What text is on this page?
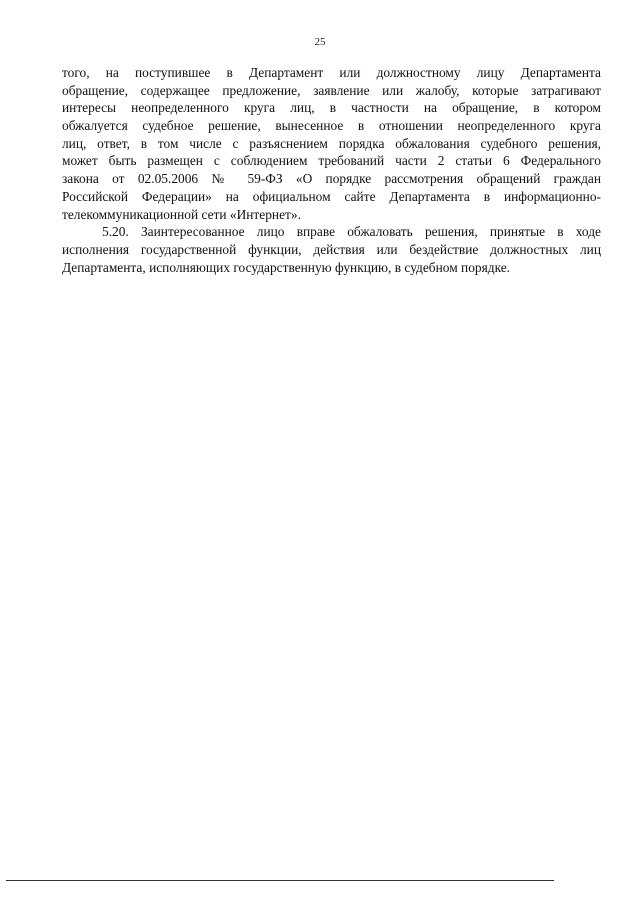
25
того, на поступившее в Департамент или должностному лицу Департамента
обращение, содержащее предложение, заявление или жалобу, которые затрагивают
интересы неопределенного круга лиц, в частности на обращение, в котором
обжалуется судебное решение, вынесенное в отношении неопределенного круга
лиц, ответ, в том числе с разъяснением порядка обжалования судебного решения,
может быть размещен с соблюдением требований части 2 статьи 6 Федерального
закона от 02.05.2006 № 59-ФЗ «О порядке рассмотрения обращений граждан
Российской Федерации» на официальном сайте Департамента в информационно-
телекоммуникационной сети «Интернет».
5.20. Заинтересованное лицо вправе обжаловать решения, принятые в ходе
исполнения государственной функции, действия или бездействие должностных лиц
Департамента, исполняющих государственную функцию, в судебном порядке.
